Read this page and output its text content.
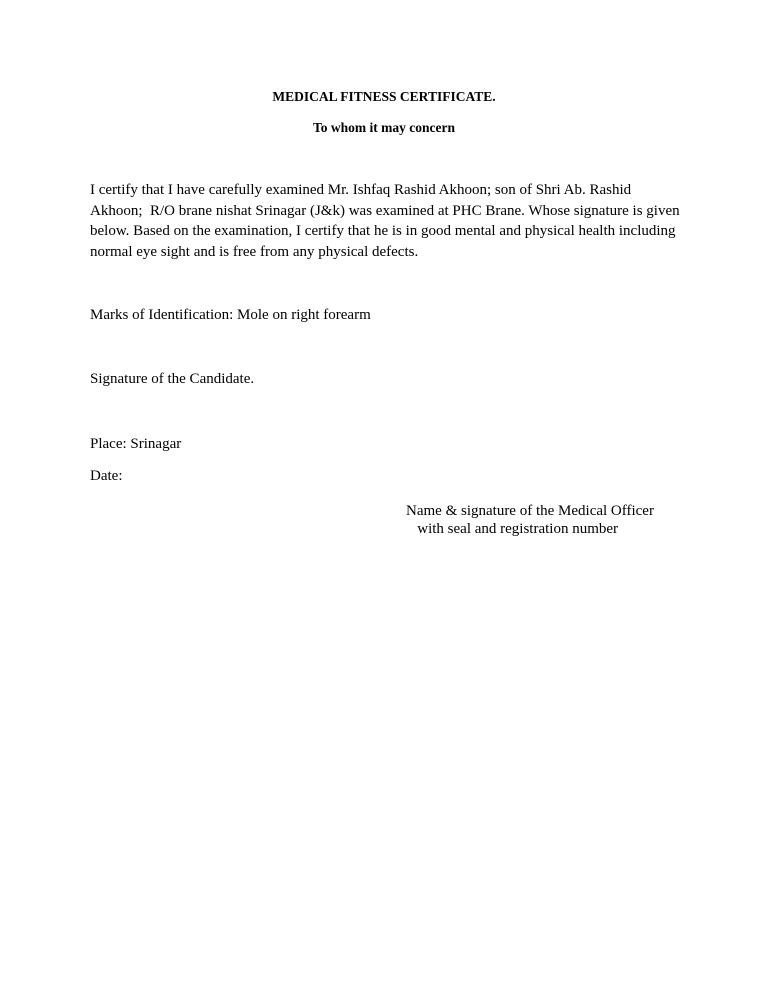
MEDICAL FITNESS CERTIFICATE.
To whom it may concern
I certify that I have carefully examined Mr. Ishfaq Rashid Akhoon; son of Shri Ab. Rashid Akhoon;  R/O brane nishat Srinagar (J&k) was examined at PHC Brane. Whose signature is given below. Based on the examination, I certify that he is in good mental and physical health including normal eye sight and is free from any physical defects.
Marks of Identification: Mole on right forearm
Signature of the Candidate.
Place: Srinagar
Date:
Name & signature of the Medical Officer
with seal and registration number
